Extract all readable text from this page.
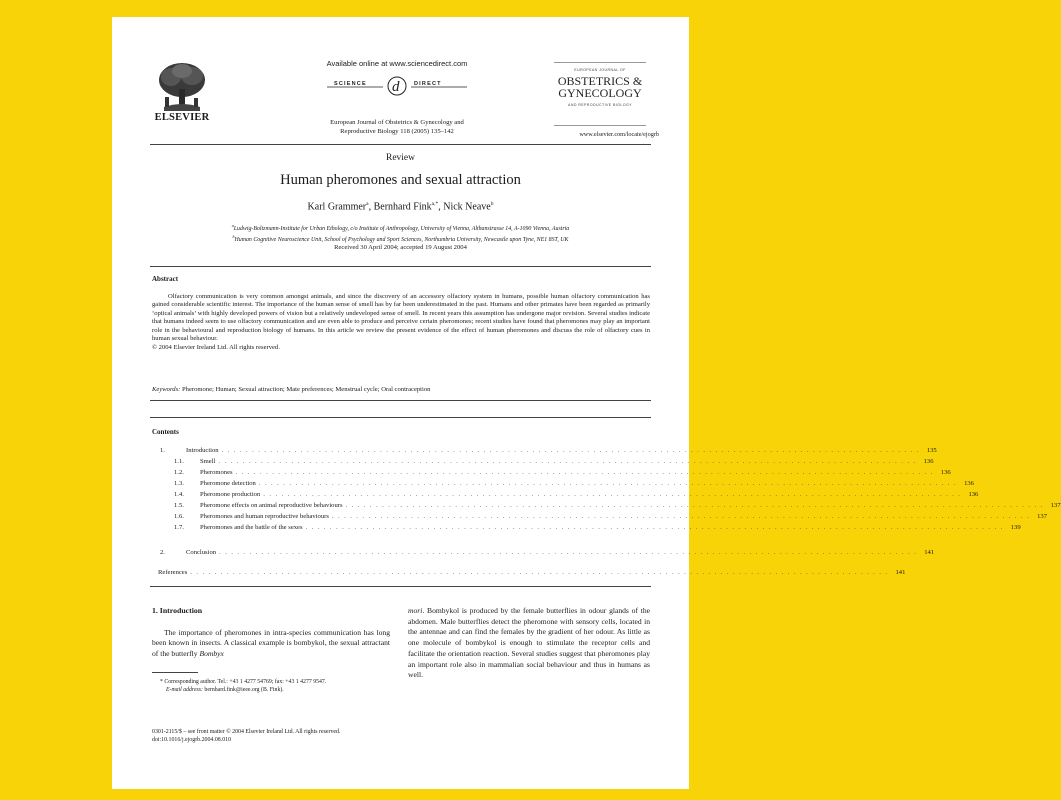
ELSEVIER
Available online at www.sciencedirect.com
SCIENCE d	DIRECT
European Journal of Obstetrics & Gynecology and
Reproductive Biology 118 (2005) 135–142
EUROPEAN JOURNAL OF
OBSTETRICS &
GYNECOLOGY
AND REPRODUCTIVE BIOLOGY
www.elsevier.com/locate/ejogrb
Review
Human pheromones and sexual attraction
Karl Grammer$^a$, Bernhard Fink$^{a,*}$, Nick Neave$^b$
$^a$Ludwig-Boltzmann-Institute for Urban Ethology, c/o Institute of Anthropology, University of Vienna, Althanstrasse 14, A-1090 Vienna, Austria
$^b$Human Cognitive Neuroscience Unit, School of Psychology and Sport Sciences, Northumbria University, Newcastle upon Tyne, NE1 8ST, UK
Received 30 April 2004; accepted 19 August 2004
Abstract
Olfactory communication is very common amongst animals, and since the discovery of an accessory olfactory system in humans, possible human olfactory communication has gained considerable scientific interest. The importance of the human sense of smell has by far been underestimated in the past. Humans and other primates have been regarded as primarily ‘optical animals’ with highly developed powers of vision but a relatively undeveloped sense of smell. In recent years this assumption has undergone major revision. Several studies indicate that humans indeed seem to use olfactory communication and are even able to produce and perceive certain pheromones; recent studies have found that pheromones may play an important role in the behavioural and reproduction biology of humans. In this article we review the present evidence of the effect of human pheromones and discuss the role of olfactory cues in human sexual behaviour.
© 2004 Elsevier Ireland Ltd. All rights reserved.
Keywords: Pheromone; Human; Sexual attraction; Mate preferences; Menstrual cycle; Oral contraception
Contents
1.	Introduction . . . . . . . . . . . . . . . . . . . . . . . . . . . . . . . . . . . . . . . . . . . . . . . . . . . . . . . . . . . . . . . . . . . . . . . . . . . . . . . . . . . . . . . . . . . . . . . . . . . . . . . . . . . . . . . . . . .	135
1.1.	Smell . . . . . . . . . . . . . . . . . . . . . . . . . . . . . . . . . . . . . . . . . . . . . . . . . . . . . . . . . . . . . . . . . . . . . . . . . . . . . . . . . . . . . . . . . . . . . . . . . . . . . . . . . . . . . . . . . . .	136
1.2.	Pheromones . . . . . . . . . . . . . . . . . . . . . . . . . . . . . . . . . . . . . . . . . . . . . . . . . . . . . . . . . . . . . . . . . . . . . . . . . . . . . . . . . . . . . . . . . . . . . . . . . . . . . . . . . . . . . . . . . . .	136
1.3.	Pheromone detection . . . . . . . . . . . . . . . . . . . . . . . . . . . . . . . . . . . . . . . . . . . . . . . . . . . . . . . . . . . . . . . . . . . . . . . . . . . . . . . . . . . . . . . . . . . . . . . . . . . . . . . . . . . . . . . . . . .	136
1.4.	Pheromone production . . . . . . . . . . . . . . . . . . . . . . . . . . . . . . . . . . . . . . . . . . . . . . . . . . . . . . . . . . . . . . . . . . . . . . . . . . . . . . . . . . . . . . . . . . . . . . . . . . . . . . . . . . . . . . . . . . .	136
1.5.	Pheromone effects on animal reproductive behaviours . . . . . . . . . . . . . . . . . . . . . . . . . . . . . . . . . . . . . . . . . . . . . . . . . . . . . . . . . . . . . . . . . . . . . . . . . . . . . . . . . . . . . . . . . . . . . . . . . . . . . . . . . . . . . . . . . . .	137
1.6.	Pheromones and human reproductive behaviours . . . . . . . . . . . . . . . . . . . . . . . . . . . . . . . . . . . . . . . . . . . . . . . . . . . . . . . . . . . . . . . . . . . . . . . . . . . . . . . . . . . . . . . . . . . . . . . . . . . . . . . . . . . . . . . . . . .	137
1.7.	Pheromones and the battle of the sexes . . . . . . . . . . . . . . . . . . . . . . . . . . . . . . . . . . . . . . . . . . . . . . . . . . . . . . . . . . . . . . . . . . . . . . . . . . . . . . . . . . . . . . . . . . . . . . . . . . . . . . . . . . . . . . . . . . .	139
2.	Conclusion . . . . . . . . . . . . . . . . . . . . . . . . . . . . . . . . . . . . . . . . . . . . . . . . . . . . . . . . . . . . . . . . . . . . . . . . . . . . . . . . . . . . . . . . . . . . . . . . . . . . . . . . . . . . . . . . . . .	141
References . . . . . . . . . . . . . . . . . . . . . . . . . . . . . . . . . . . . . . . . . . . . . . . . . . . . . . . . . . . . . . . . . . . . . . . . . . . . . . . . . . . . . . . . . . . . . . . . . . . . . . . . . . . . . . . . . . .	141
1. Introduction
The importance of pheromones in intra-species communication has long been known in insects. A classical example is bombykol, the sexual attractant of the butterfly Bombyx
mori. Bombykol is produced by the female butterflies in odour glands of the abdomen. Male butterflies detect the pheromone with sensory cells, located in the antennae and can find the females by the gradient of her odour. As little as one molecule of bombykol is enough to stimulate the receptor cells and facilitate the orientation reaction. Several studies suggest that pheromones play an important role also in mammalian social behaviour and thus in humans as well.
* Corresponding author. Tel.: +43 1 4277 54769; fax: +43 1 4277 9547.
E-mail address: bernhard.fink@ieee.org (B. Fink).
0301-2115/$ – see front matter © 2004 Elsevier Ireland Ltd. All rights reserved.
doi:10.1016/j.ejogrb.2004.08.010
